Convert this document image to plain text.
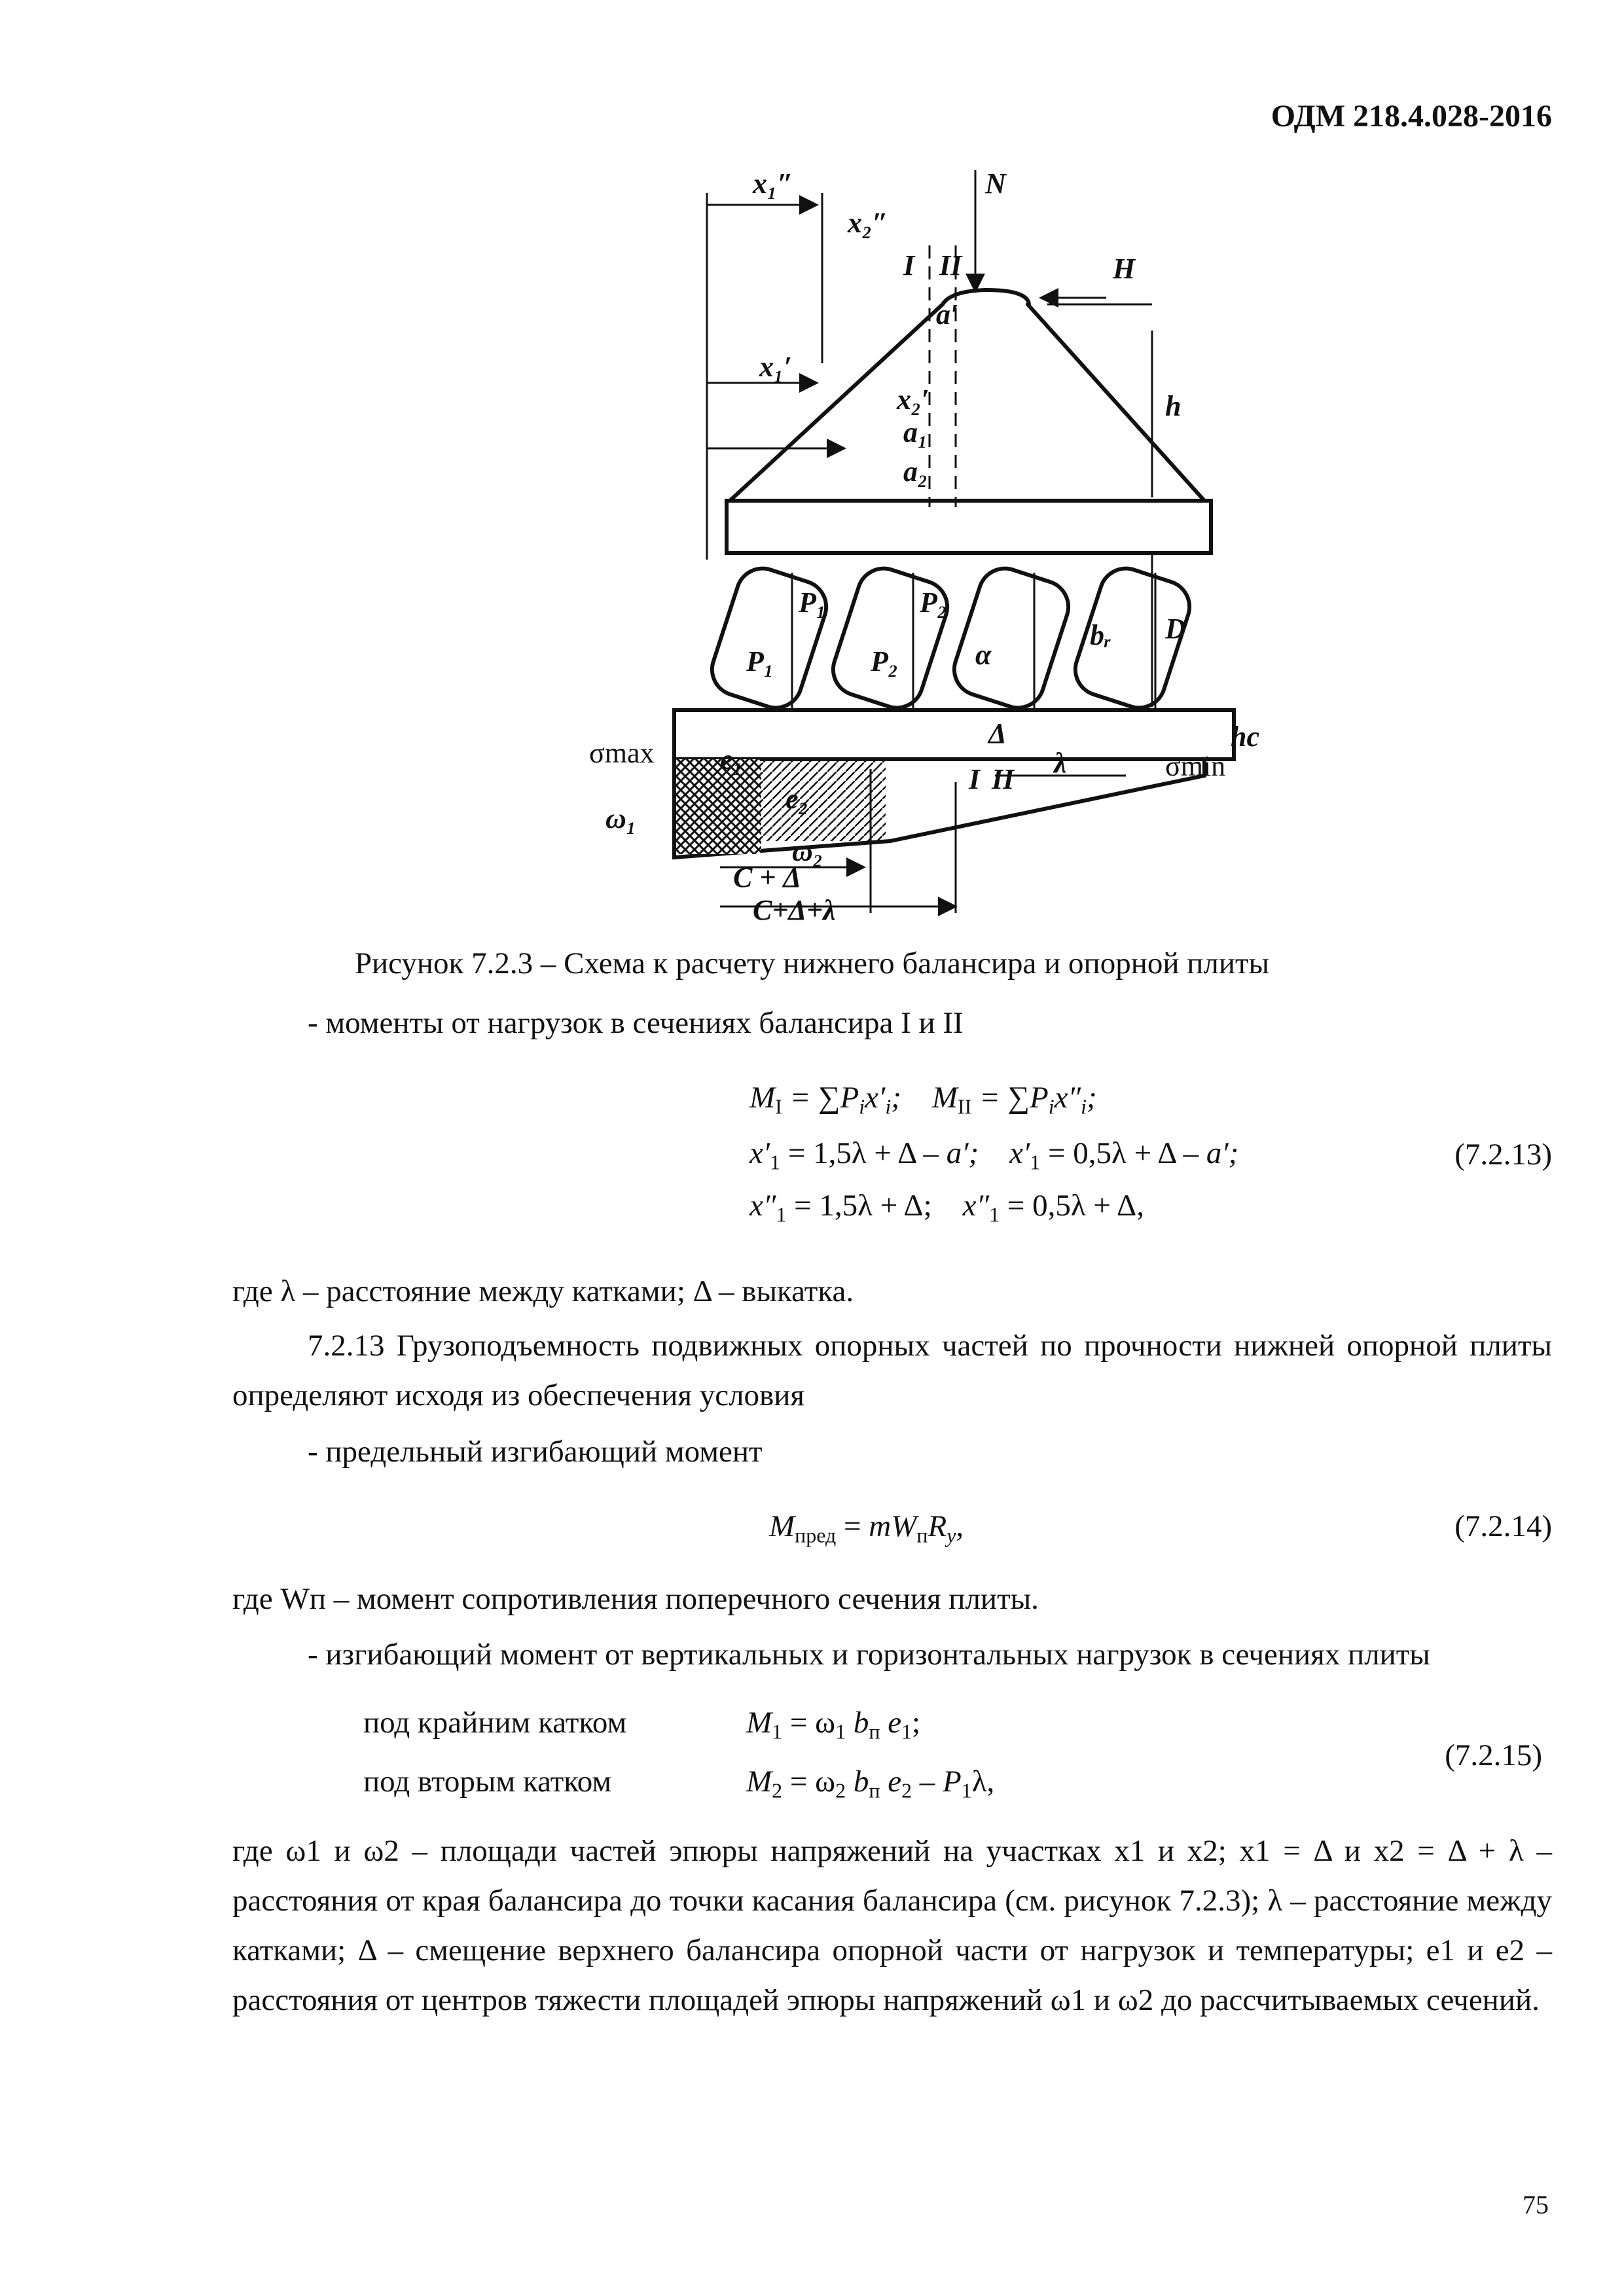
ОДМ 218.4.028-2016
x₁″
x₂″
N
I II	H
a′
x₁′
x₂′
a₁
a₂
h
D
P₁
P₁
P₂
P₂	α
bᵣ
Δ
I II
λ
hс
e₁
e₂
ω₁
ω₂
C + Δ
C+Δ+λ
σmax	σmin
Рисунок 7.2.3 – Схема к расчету нижнего балансира и опорной плиты
- моменты от нагрузок в сечениях балансира I и II
$M_I = \sum P_ix'_i$;    $M_{II} = \sum P_ix''_i$;
$x'_1 = 1,5\lambda + \Delta - a'$;    $x'_1 = 0,5\lambda + \Delta - a'$;
$x''_1 = 1,5\lambda + \Delta$;    $x''_1 = 0,5\lambda + \Delta$,
(7.2.13)
где λ – расстояние между катками; Δ – выкатка.
7.2.13 Грузоподъемность подвижных опорных частей по прочности нижней опорной плиты определяют исходя из обеспечения условия
- предельный изгибающий момент
$M_{пред} = mW_пR_y$,	(7.2.14)
где Wп – момент сопротивления поперечного сечения плиты.
- изгибающий момент от вертикальных и горизонтальных нагрузок в сечениях плиты
под крайним катком	$M_1 = \omega_1$ $b_п$ $e_1$;
под вторым катком	$M_2 = \omega_2$ $b_п$ $e_2 - P_1\lambda$,
(7.2.15)
где ω1 и ω2 – площади частей эпюры напряжений на участках x1 и x2; x1 = Δ и x2 = Δ + λ – расстояния от края балансира до точки касания балансира (см. рисунок 7.2.3); λ – расстояние между катками; Δ – смещение верхнего балансира опорной части от нагрузок и температуры; e1 и e2 – расстояния от центров тяжести площадей эпюры напряжений ω1 и ω2 до рассчитываемых сечений.
75
